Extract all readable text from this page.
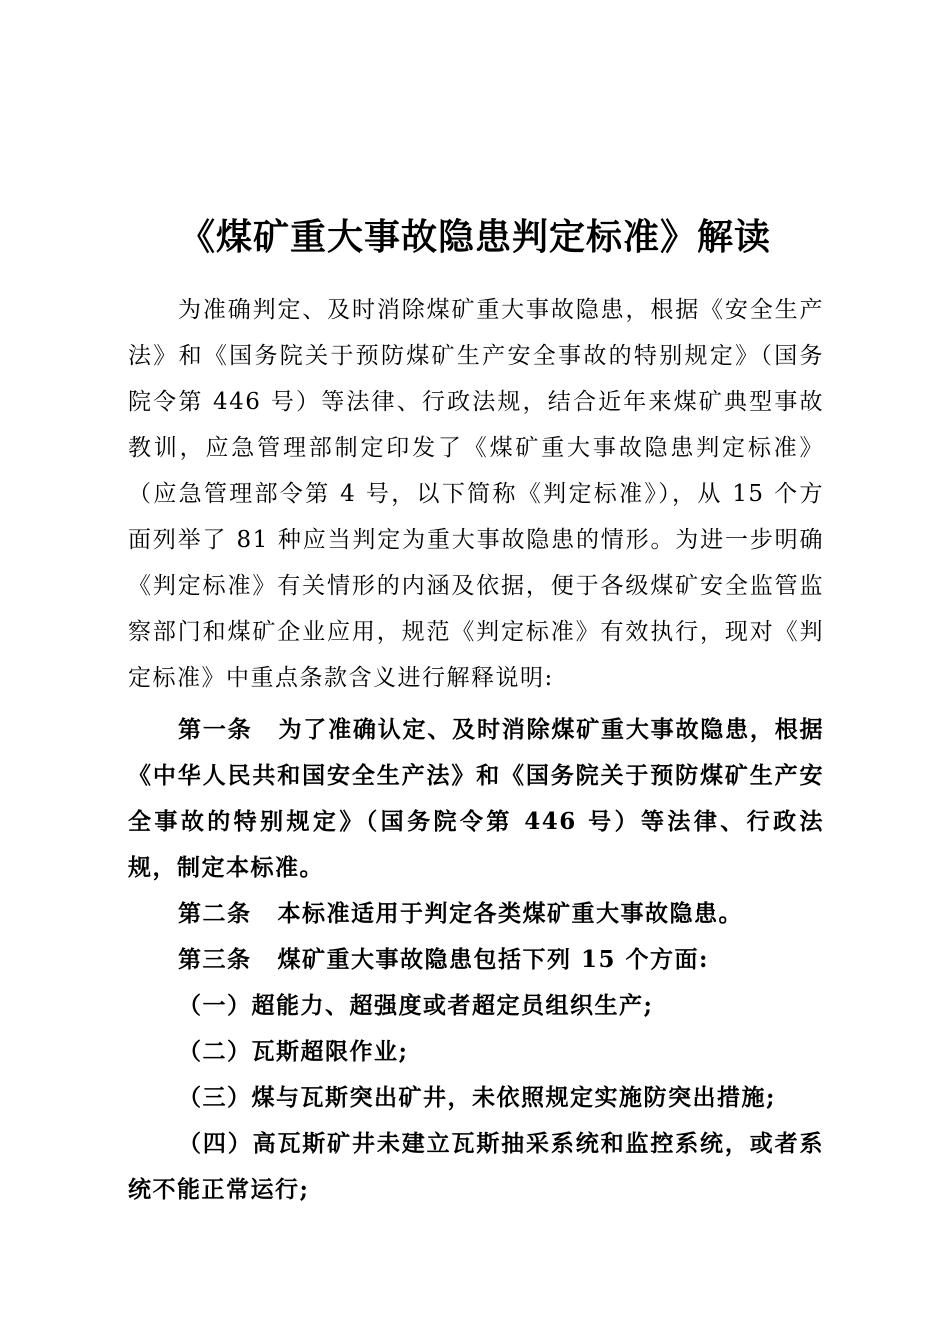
《煤矿重大事故隐患判定标准》解读

为准确判定、及时消除煤矿重大事故隐患，根据《安全生产法》和《国务院关于预防煤矿生产安全事故的特别规定》（国务院令第 446 号）等法律、行政法规，结合近年来煤矿典型事故教训，应急管理部制定印发了《煤矿重大事故隐患判定标准》（应急管理部令第 4 号，以下简称《判定标准》），从 15 个方面列举了 81 种应当判定为重大事故隐患的情形。为进一步明确《判定标准》有关情形的内涵及依据，便于各级煤矿安全监管监察部门和煤矿企业应用，规范《判定标准》有效执行，现对《判定标准》中重点条款含义进行解释说明:

第一条 为了准确认定、及时消除煤矿重大事故隐患，根据《中华人民共和国安全生产法》和《国务院关于预防煤矿生产安全事故的特别规定》（国务院令第 446 号）等法律、行政法规，制定本标准。

第二条 本标准适用于判定各类煤矿重大事故隐患。

第三条 煤矿重大事故隐患包括下列 15 个方面:

（一）超能力、超强度或者超定员组织生产;

（二）瓦斯超限作业;

（三）煤与瓦斯突出矿井，未依照规定实施防突出措施;

（四）高瓦斯矿井未建立瓦斯抽采系统和监控系统，或者系统不能正常运行;
